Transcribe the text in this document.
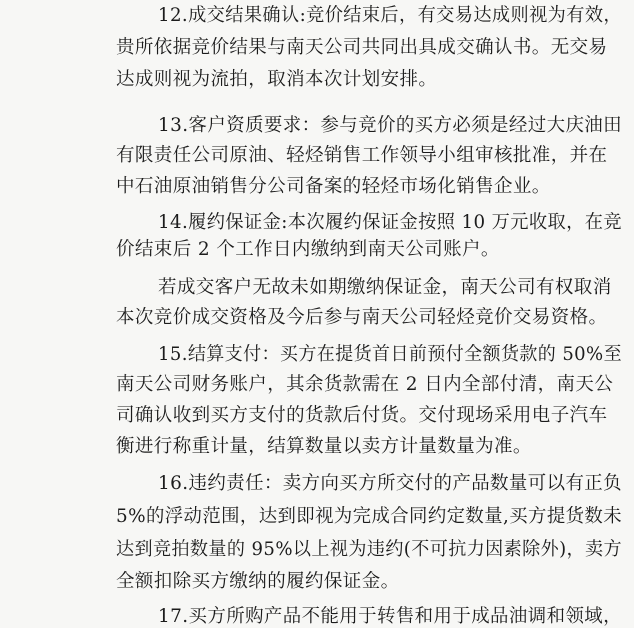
12.成交结果确认:竞价结束后，有交易达成则视为有效，
贵所依据竞价结果与南天公司共同出具成交确认书。无交易
达成则视为流拍，取消本次计划安排。
13.客户资质要求：参与竞价的买方必须是经过大庆油田
有限责任公司原油、轻烃销售工作领导小组审核批准，并在
中石油原油销售分公司备案的轻烃市场化销售企业。
14.履约保证金:本次履约保证金按照 10 万元收取，在竞
价结束后 2 个工作日内缴纳到南天公司账户。
若成交客户无故未如期缴纳保证金，南天公司有权取消
本次竞价成交资格及今后参与南天公司轻烃竞价交易资格。
15.结算支付：买方在提货首日前预付全额货款的 50%至
南天公司财务账户，其余货款需在 2 日内全部付清，南天公
司确认收到买方支付的货款后付货。交付现场采用电子汽车
衡进行称重计量，结算数量以卖方计量数量为准。
16.违约责任：卖方向买方所交付的产品数量可以有正负
5%的浮动范围，达到即视为完成合同约定数量,买方提货数未
达到竞拍数量的 95%以上视为违约(不可抗力因素除外)，卖方
全额扣除买方缴纳的履约保证金。
17.买方所购产品不能用于转售和用于成品油调和领域，
